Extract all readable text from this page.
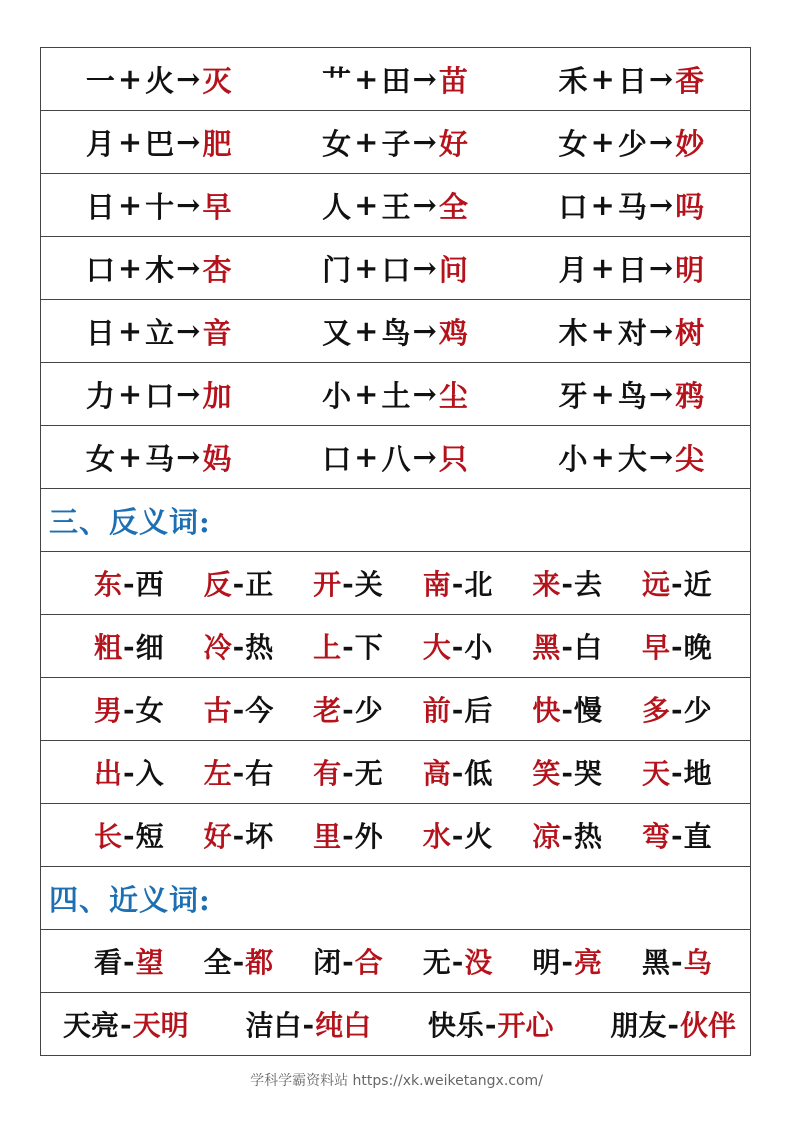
一 + 火 → 灭	艹 + 田 → 苗	禾 + 日 → 香
月 + 巴 → 肥	女 + 子 → 好	女 + 少 → 妙
日 + 十 → 早	人 + 王 → 全	口 + 马 → 吗
口 + 木 → 杏	门 + 口 → 问	月 + 日 → 明
日 + 立 → 音	又 + 鸟 → 鸡	木 + 对 → 树
力 + 口 → 加	小 + 土 → 尘	牙 + 鸟 → 鸦
女 + 马 → 妈	口 + 八 → 只	小 + 大 → 尖
三、反义词:
东 - 西 反 - 正 开 - 关 南 - 北 来 - 去 远 - 近
粗 - 细 冷 - 热 上 - 下 大 - 小 黑 - 白 早 - 晚
男 - 女 古 - 今 老 - 少 前 - 后 快 - 慢 多 - 少
出 - 入 左 - 右 有 - 无 高 - 低 笑 - 哭 天 - 地
长 - 短 好 - 坏 里 - 外 水 - 火 凉 - 热 弯 - 直
四、近义词:
看 - 望 全 - 都 闭 - 合 无 - 没 明 - 亮 黑 - 乌
天亮 - 天明 洁白 - 纯白 快乐 - 开心 朋友 - 伙伴
学科学霸资料站 https://xk.weiketangx.com/
